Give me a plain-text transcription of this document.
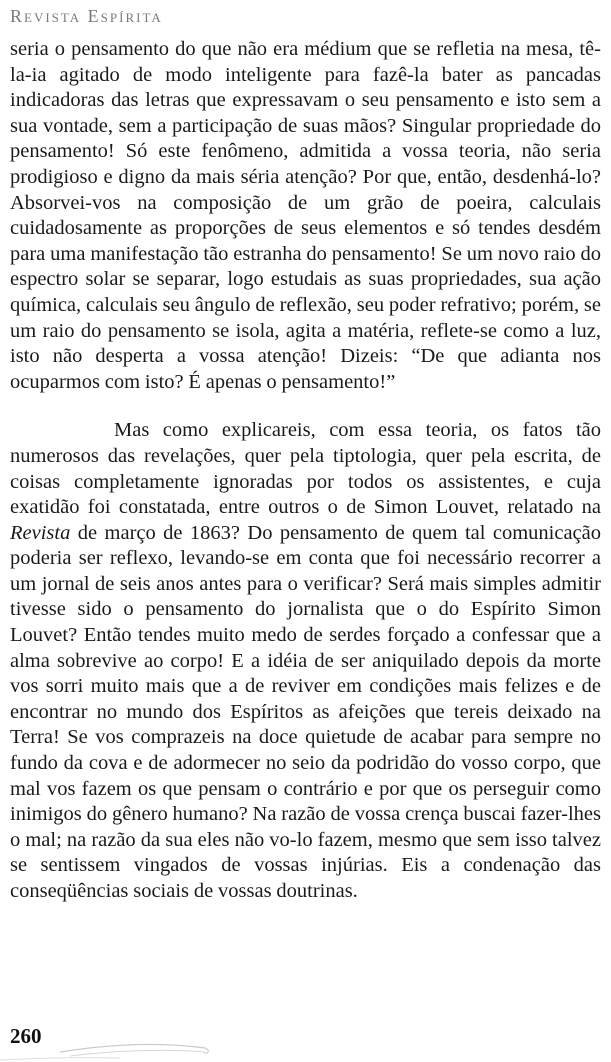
Revista Espírita

seria o pensamento do que não era médium que se refletia na mesa, tê-la-ia agitado de modo inteligente para fazê-la bater as pancadas indicadoras das letras que expressavam o seu pensamento e isto sem a sua vontade, sem a participação de suas mãos? Singular propriedade do pensamento! Só este fenômeno, admitida a vossa teoria, não seria prodigioso e digno da mais séria atenção? Por que, então, desdenhá-lo? Absorvei-vos na composição de um grão de poeira, calculais cuidadosamente as proporções de seus elementos e só tendes desdém para uma manifestação tão estranha do pensamento! Se um novo raio do espectro solar se separar, logo estudais as suas propriedades, sua ação química, calculais seu ângulo de reflexão, seu poder refrativo; porém, se um raio do pensamento se isola, agita a matéria, reflete-se como a luz, isto não desperta a vossa atenção! Dizeis: “De que adianta nos ocuparmos com isto? É apenas o pensamento!”

Mas como explicareis, com essa teoria, os fatos tão numerosos das revelações, quer pela tiptologia, quer pela escrita, de coisas completamente ignoradas por todos os assistentes, e cuja exatidão foi constatada, entre outros o de Simon Louvet, relatado na Revista de março de 1863? Do pensamento de quem tal comunicação poderia ser reflexo, levando-se em conta que foi necessário recorrer a um jornal de seis anos antes para o verificar? Será mais simples admitir tivesse sido o pensamento do jornalista que o do Espírito Simon Louvet? Então tendes muito medo de serdes forçado a confessar que a alma sobrevive ao corpo! E a idéia de ser aniquilado depois da morte vos sorri muito mais que a de reviver em condições mais felizes e de encontrar no mundo dos Espíritos as afeições que tereis deixado na Terra! Se vos comprazeis na doce quietude de acabar para sempre no fundo da cova e de adormecer no seio da podridão do vosso corpo, que mal vos fazem os que pensam o contrário e por que os perseguir como inimigos do gênero humano? Na razão de vossa crença buscai fazer-lhes o mal; na razão da sua eles não vo-lo fazem, mesmo que sem isso talvez se sentissem vingados de vossas injúrias. Eis a condenação das conseqüências sociais de vossas doutrinas.

260
